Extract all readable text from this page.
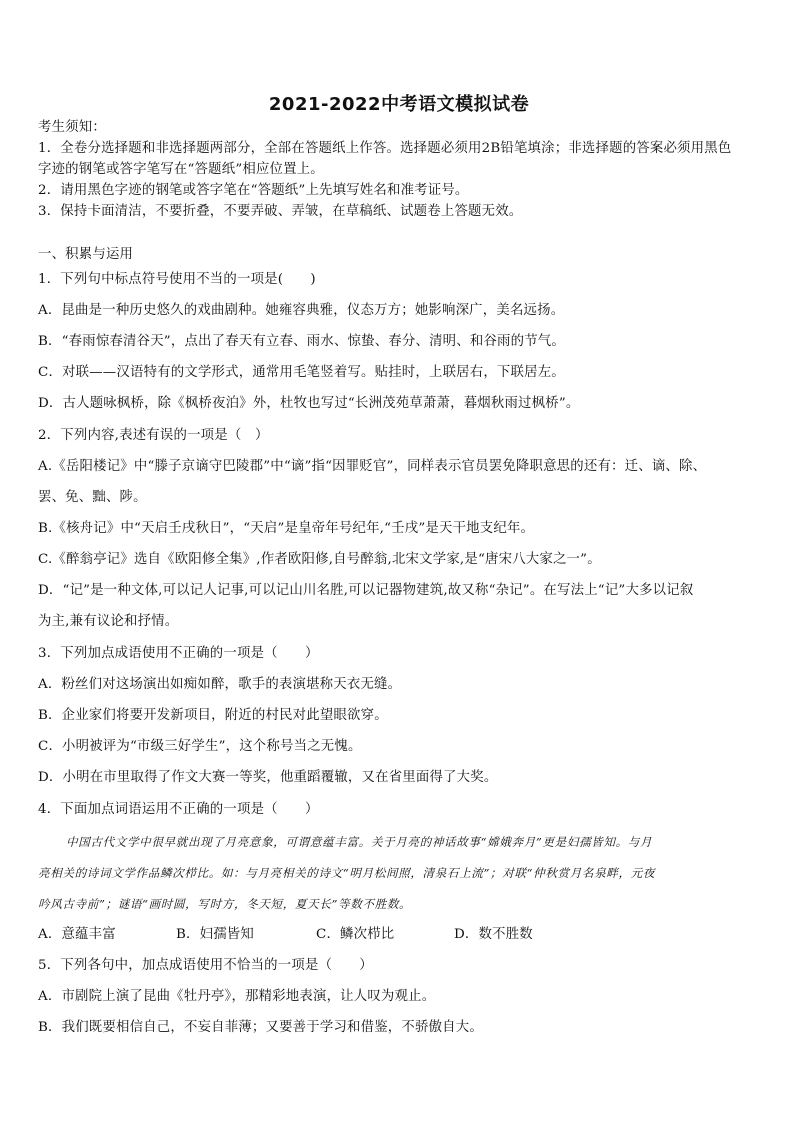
2021-2022中考语文模拟试卷
考生须知：
1．全卷分选择题和非选择题两部分，全部在答题纸上作答。选择题必须用2B铅笔填涂；非选择题的答案必须用黑色
字迹的钢笔或答字笔写在“答题纸”相应位置上。
2．请用黑色字迹的钢笔或答字笔在“答题纸”上先填写姓名和准考证号。
3．保持卡面清洁，不要折叠，不要弄破、弄皱，在草稿纸、试题卷上答题无效。
一、积累与运用
1．下列句中标点符号使用不当的一项是(　　)
A．昆曲是一种历史悠久的戏曲剧种。她雍容典雅，仪态万方；她影响深广，美名远扬。
B．“春雨惊春清谷天”，点出了春天有立春、雨水、惊蛰、春分、清明、和谷雨的节气。
C．对联——汉语特有的文学形式，通常用毛笔竖着写。贴挂时，上联居右，下联居左。
D．古人题咏枫桥，除《枫桥夜泊》外，杜牧也写过“长洲茂苑草萧萧，暮烟秋雨过枫桥”。
2．下列内容,表述有误的一项是（　）
A.《岳阳楼记》中“滕子京谪守巴陵郡”中“谪”指“因罪贬官”，同样表示官员罢免降职意思的还有：迁、谪、除、
罢、免、黜、陟。
B.《核舟记》中“天启壬戌秋日”，“天启”是皇帝年号纪年,“壬戌”是天干地支纪年。
C.《醉翁亭记》选自《欧阳修全集》,作者欧阳修,自号醉翁,北宋文学家,是“唐宋八大家之一”。
D．“记”是一种文体,可以记人记事,可以记山川名胜,可以记器物建筑,故又称“杂记”。在写法上“记”大多以记叙
为主,兼有议论和抒情。
3．下列加点成语使用不正确的一项是（　　）
A．粉丝们对这场演出如痴如醉，歌手的表演堪称天衣无缝。
B．企业家们将要开发新项目，附近的村民对此望眼欲穿。
C．小明被评为“市级三好学生”，这个称号当之无愧。
D．小明在市里取得了作文大赛一等奖，他重蹈覆辙，又在省里面得了大奖。
4．下面加点词语运用不正确的一项是（　　）
中国古代文学中很早就出现了月亮意象，可谓意蕴丰富。关于月亮的神话故事“嫦娥奔月”更是妇孺皆知。与月
亮相关的诗词文学作品鳞次栉比。如：与月亮相关的诗文“明月松间照，清泉石上流”；对联“仲秋赏月名泉畔，元夜
吟风古寺前”；谜语“画时圆，写时方，冬天短，夏天长”等数不胜数。
A．意蕴丰富	B．妇孺皆知	C．鳞次栉比	D．数不胜数
5．下列各句中，加点成语使用不恰当的一项是（　　）
A．市剧院上演了昆曲《牡丹亭》，那精彩地表演，让人叹为观止。
B．我们既要相信自己，不妄自菲薄；又要善于学习和借鉴，不骄傲自大。
